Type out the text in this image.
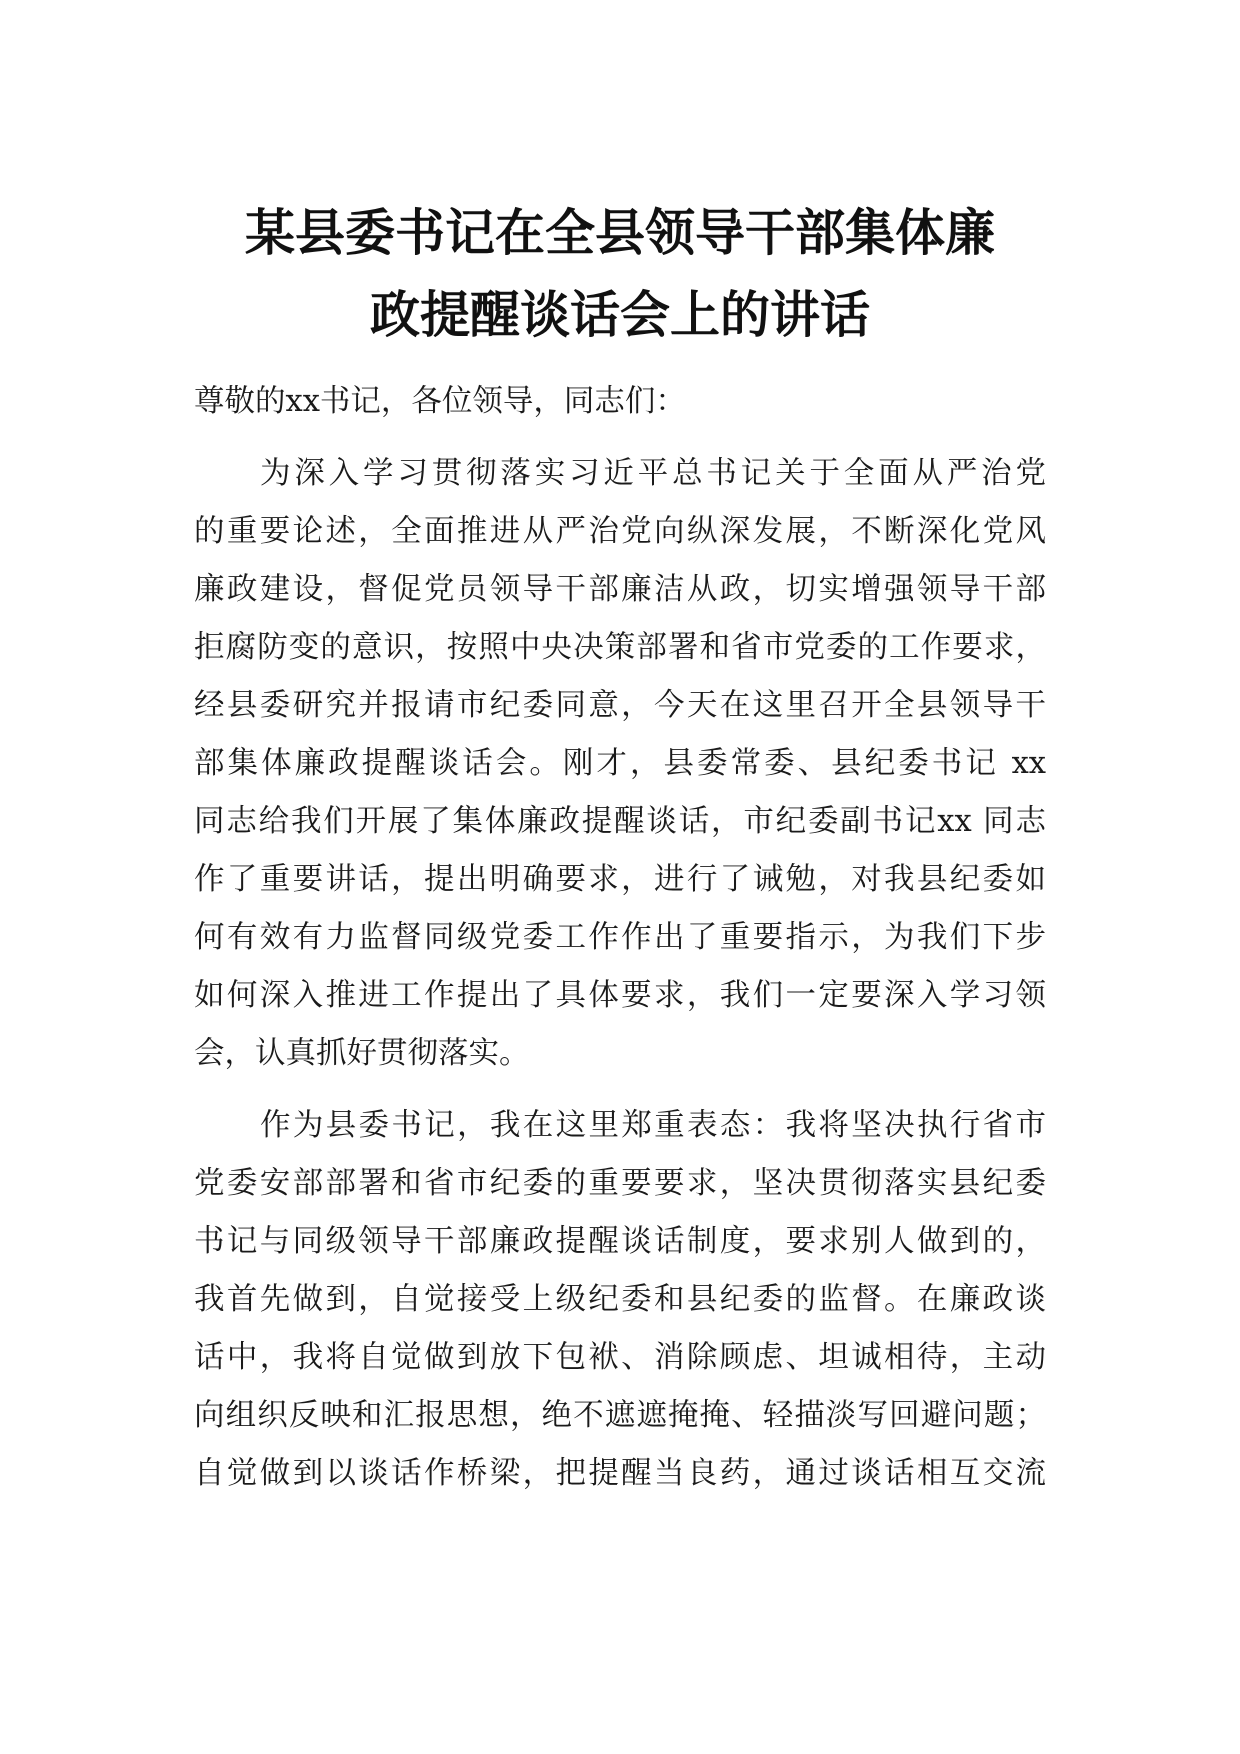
某县委书记在全县领导干部集体廉
政提醒谈话会上的讲话
尊敬的xx书记，各位领导，同志们：
为深入学习贯彻落实习近平总书记关于全面从严治党
的重要论述，全面推进从严治党向纵深发展，不断深化党风
廉政建设，督促党员领导干部廉洁从政，切实增强领导干部
拒腐防变的意识，按照中央决策部署和省市党委的工作要求，
经县委研究并报请市纪委同意，今天在这里召开全县领导干
部集体廉政提醒谈话会。刚才，县委常委、县纪委书记 xx
同志给我们开展了集体廉政提醒谈话，市纪委副书记xx 同志
作了重要讲话，提出明确要求，进行了诫勉，对我县纪委如
何有效有力监督同级党委工作作出了重要指示，为我们下步
如何深入推进工作提出了具体要求，我们一定要深入学习领
会，认真抓好贯彻落实。
作为县委书记，我在这里郑重表态：我将坚决执行省市
党委安部部署和省市纪委的重要要求，坚决贯彻落实县纪委
书记与同级领导干部廉政提醒谈话制度，要求别人做到的，
我首先做到，自觉接受上级纪委和县纪委的监督。在廉政谈
话中，我将自觉做到放下包袱、消除顾虑、坦诚相待，主动
向组织反映和汇报思想，绝不遮遮掩掩、轻描淡写回避问题；
自觉做到以谈话作桥梁，把提醒当良药，通过谈话相互交流
